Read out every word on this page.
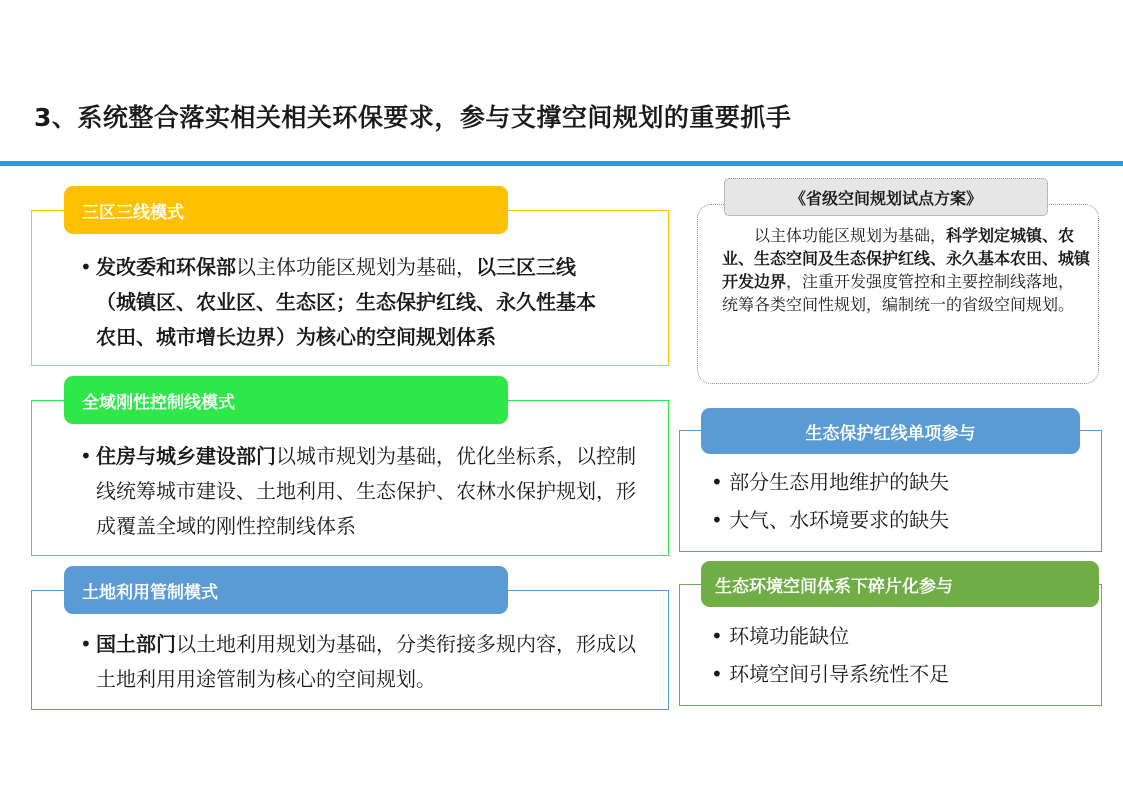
3、系统整合落实相关相关环保要求，参与支撑空间规划的重要抓手
三区三线模式
• 发改委和环保部以主体功能区规划为基础，以三区三线（城镇区、农业区、生态区；生态保护红线、永久性基本农田、城市增长边界）为核心的空间规划体系
全域刚性控制线模式
• 住房与城乡建设部门以城市规划为基础，优化坐标系，以控制线统筹城市建设、土地利用、生态保护、农林水保护规划，形成覆盖全域的刚性控制线体系
土地利用管制模式
• 国土部门以土地利用规划为基础，分类衔接多规内容，形成以土地利用用途管制为核心的空间规划。
《省级空间规划试点方案》
以主体功能区规划为基础，科学划定城镇、农业、生态空间及生态保护红线、永久基本农田、城镇开发边界，注重开发强度管控和主要控制线落地，统筹各类空间性规划，编制统一的省级空间规划。
生态保护红线单项参与
• 部分生态用地维护的缺失
• 大气、水环境要求的缺失
生态环境空间体系下碎片化参与
• 环境功能缺位
• 环境空间引导系统性不足
